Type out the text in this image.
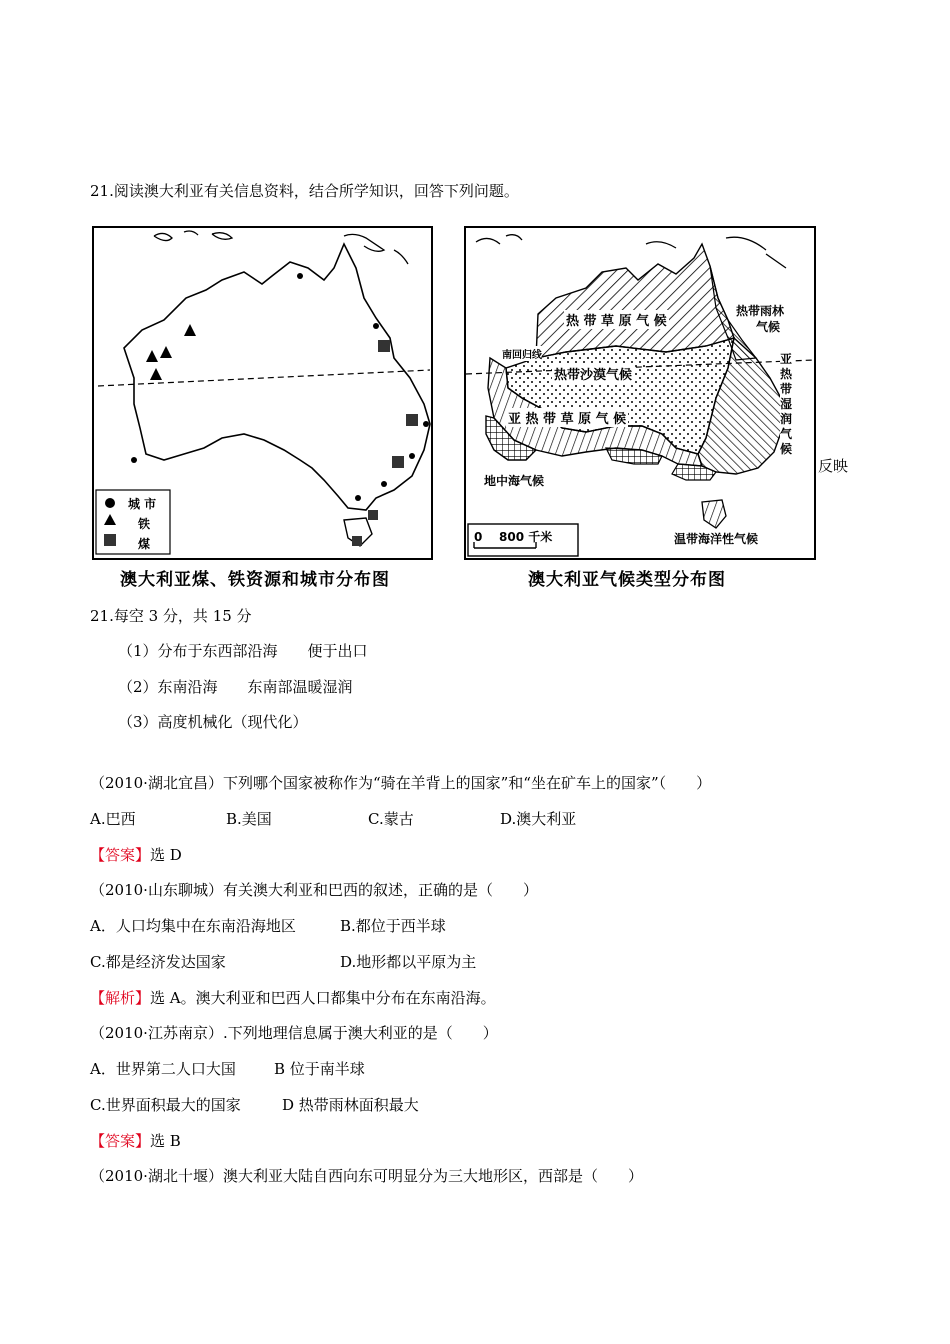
21.阅读澳大利亚有关信息资料，结合所学知识，回答下列问题。
城 市
铁
煤
澳大利亚煤、铁资源和城市分布图
热 带 草 原 气 候
热带雨林
气候
南回归线
热带沙漠气候
亚 热 带 草 原 气 候
亚
热
带
湿
润
气
候
地中海气候
温带海洋性气候
0    800 千米
澳大利亚气候类型分布图
反映
21.每空 3 分，共 15 分
（1）分布于东西部沿海　　便于出口
（2）东南沿海　　东南部温暖湿润
（3）高度机械化（现代化）
（2010·湖北宜昌）下列哪个国家被称作为“骑在羊背上的国家”和“坐在矿车上的国家”（　　）
A.巴西	B.美国	C.蒙古	D.澳大利亚
【答案】选 D
（2010·山东聊城）有关澳大利亚和巴西的叙述，正确的是（　　）
A．人口均集中在东南沿海地区	B.都位于西半球
C.都是经济发达国家	D.地形都以平原为主
【解析】选 A。澳大利亚和巴西人口都集中分布在东南沿海。
（2010·江苏南京）.下列地理信息属于澳大利亚的是（　　）
A．世界第二人口大国	B 位于南半球
C.世界面积最大的国家	D 热带雨林面积最大
【答案】选 B
（2010·湖北十堰）澳大利亚大陆自西向东可明显分为三大地形区，西部是（　　）
